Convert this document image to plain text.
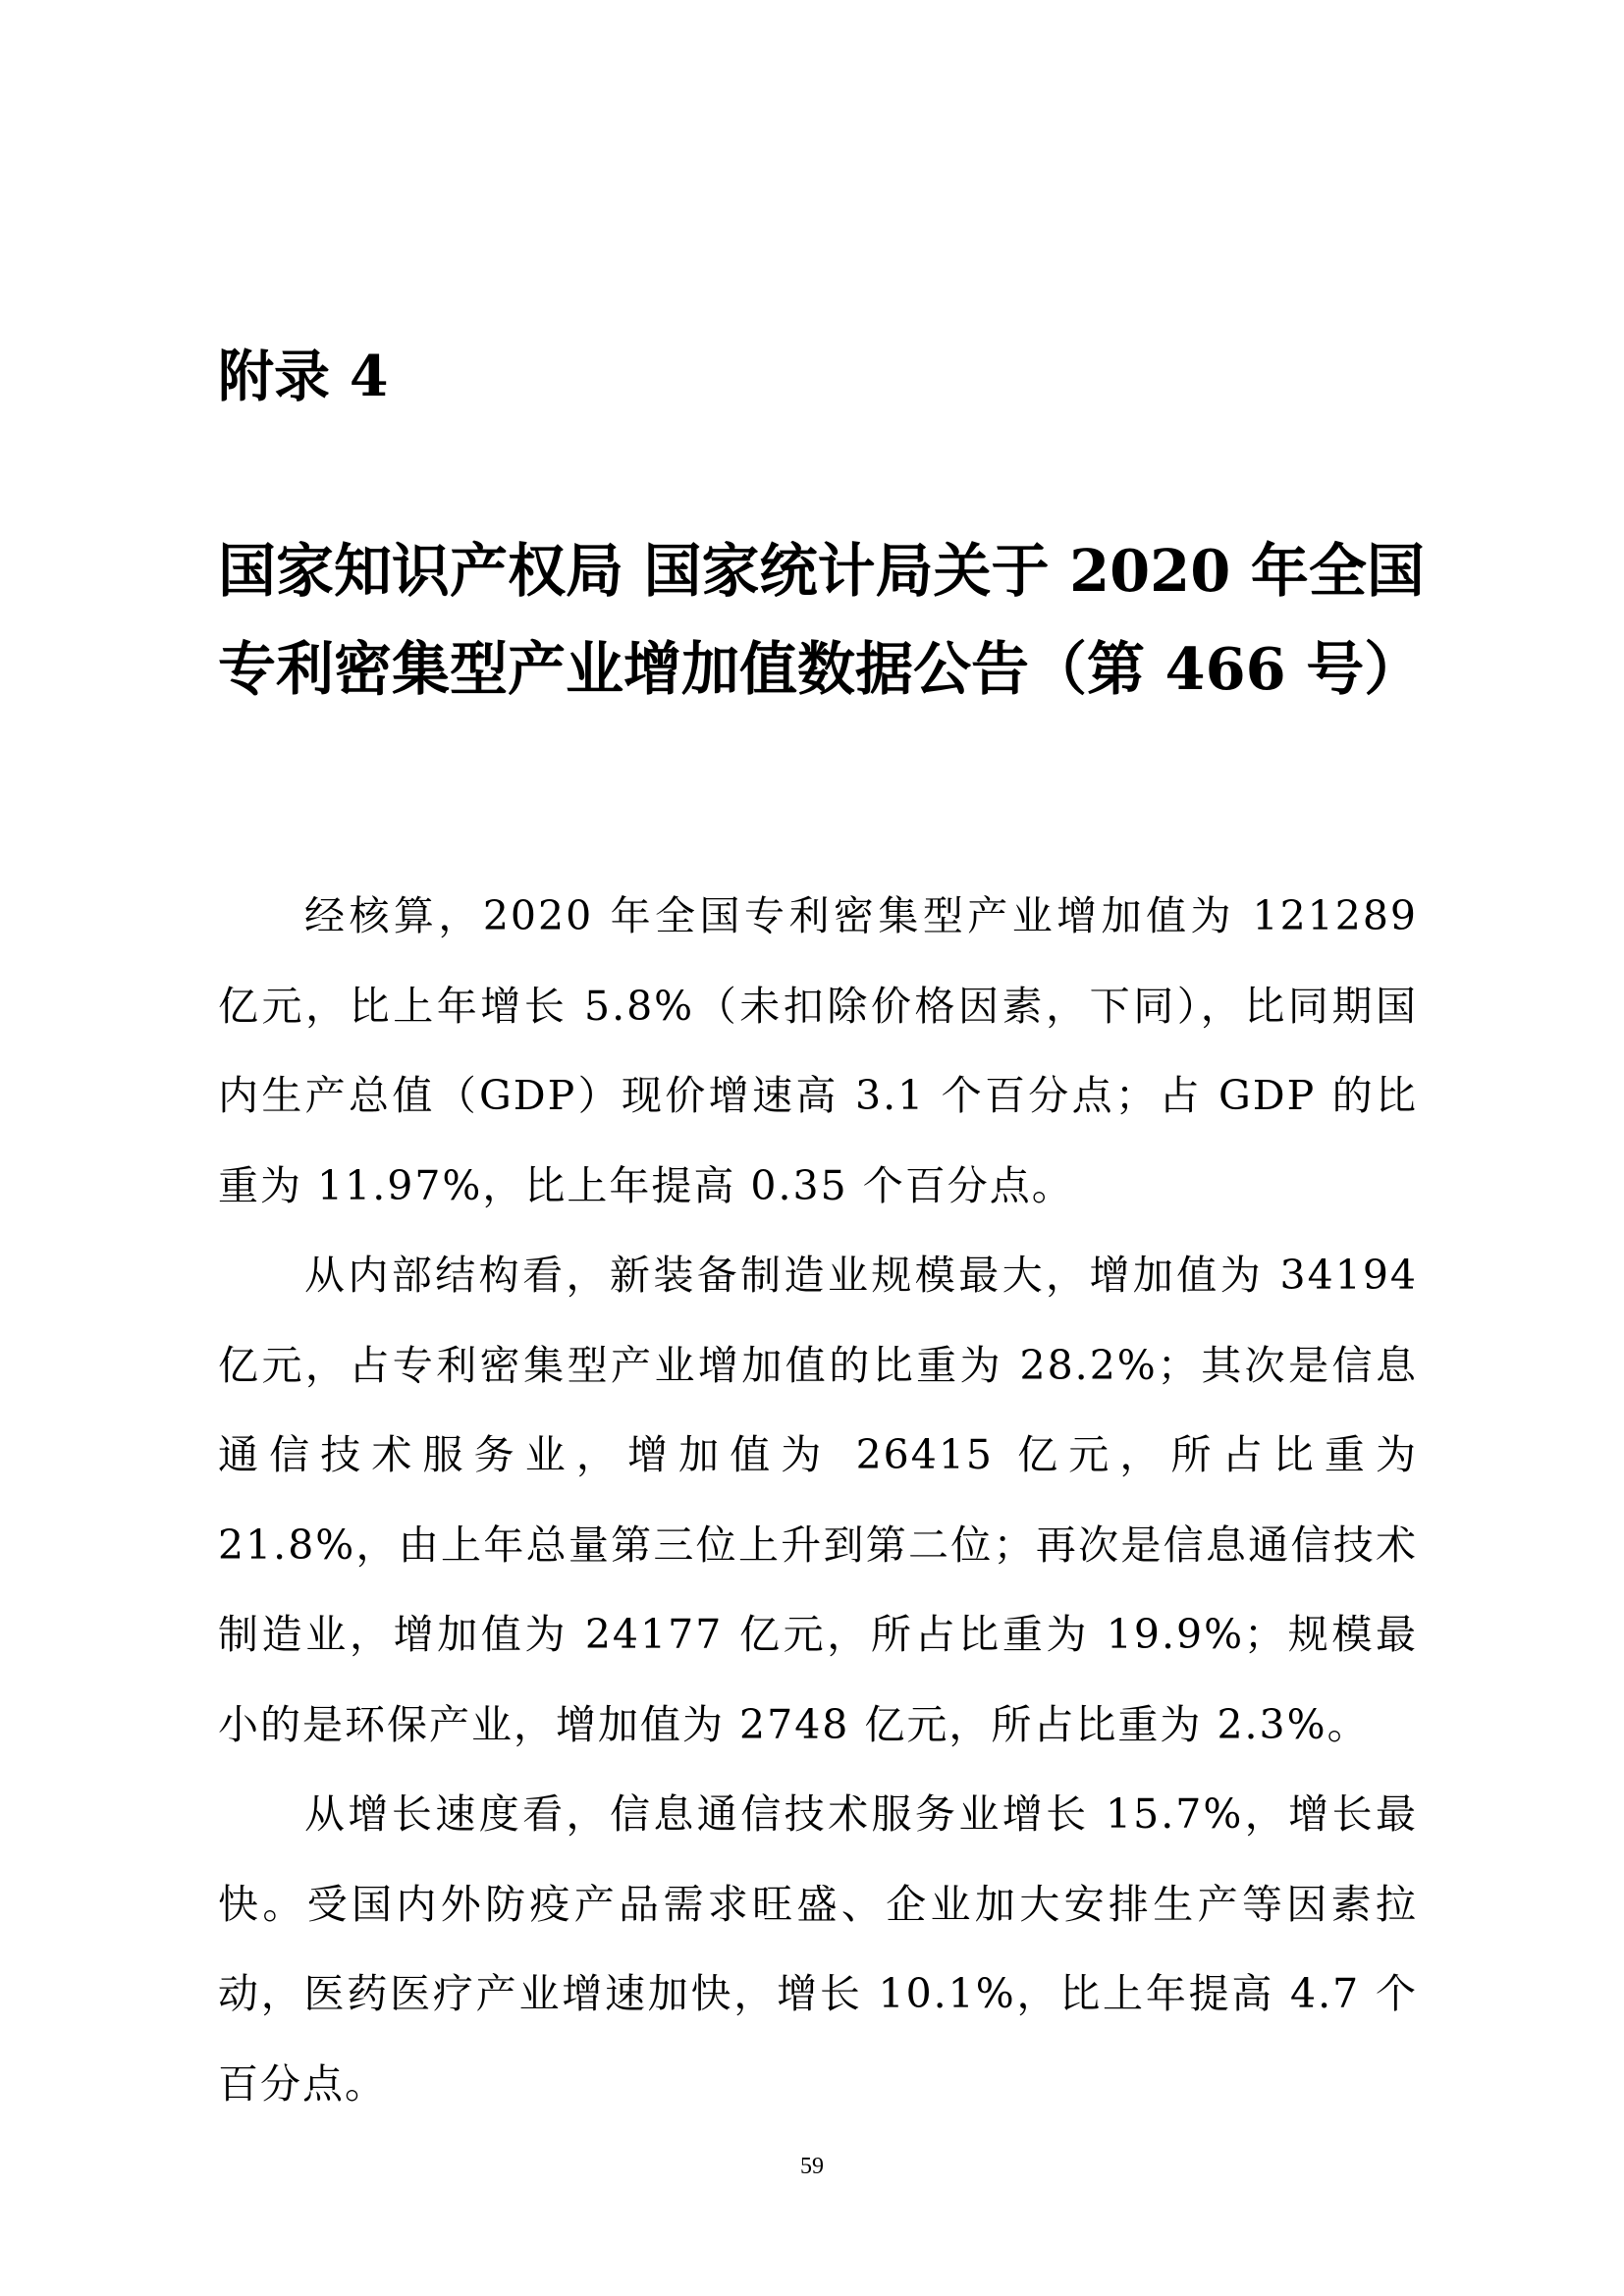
附录 4
国家知识产权局 国家统计局关于 2020 年全国
专利密集型产业增加值数据公告（第 466 号）

经核算，2020 年全国专利密集型产业增加值为 121289 亿元，比上年增长 5.8%（未扣除价格因素，下同），比同期国内生产总值（GDP）现价增速高 3.1 个百分点；占 GDP 的比重为 11.97%，比上年提高 0.35 个百分点。

从内部结构看，新装备制造业规模最大，增加值为 34194 亿元，占专利密集型产业增加值的比重为 28.2%；其次是信息通信技术服务业，增加值为 26415 亿元，所占比重为 21.8%，由上年总量第三位上升到第二位；再次是信息通信技术制造业，增加值为 24177 亿元，所占比重为 19.9%；规模最小的是环保产业，增加值为 2748 亿元，所占比重为 2.3%。

从增长速度看，信息通信技术服务业增长 15.7%，增长最快。受国内外防疫产品需求旺盛、企业加大安排生产等因素拉动，医药医疗产业增速加快，增长 10.1%，比上年提高 4.7 个百分点。

59
